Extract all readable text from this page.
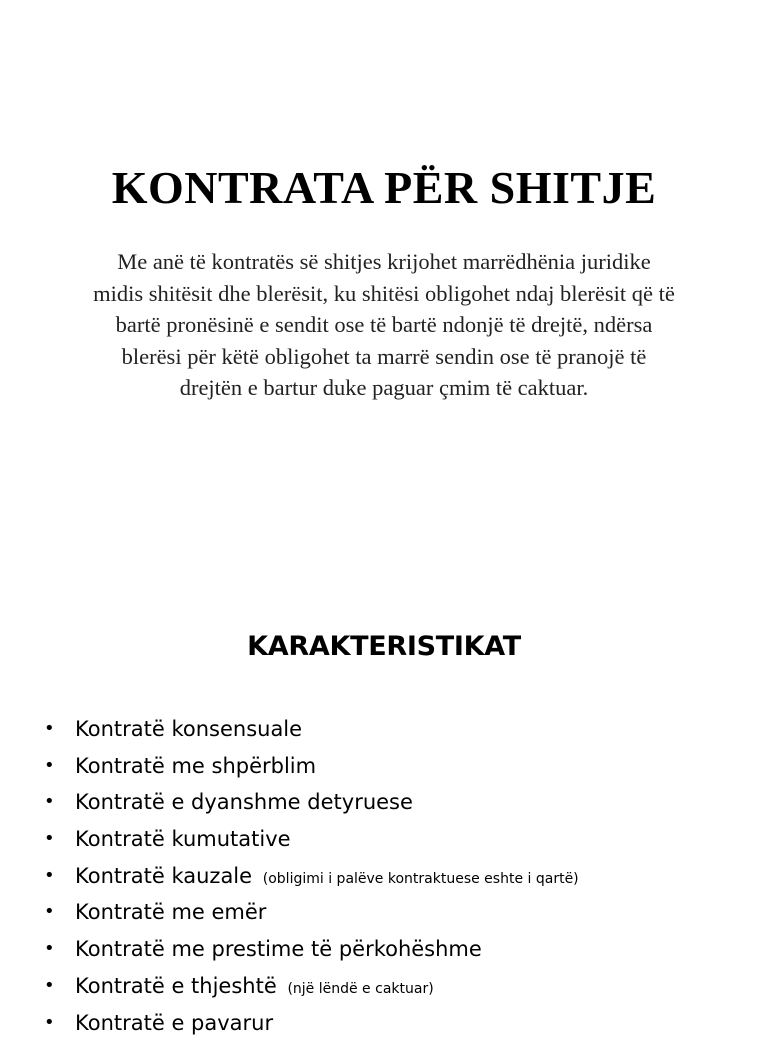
KONTRATA PËR SHITJE

Me anë të kontratës së shitjes krijohet marrëdhënia juridike
midis shitësit dhe blerësit, ku shitësi obligohet ndaj blerësit që të
bartë pronësinë e sendit ose të bartë ndonjë të drejtë, ndërsa
blerësi për këtë obligohet ta marrë sendin ose të pranojë të
drejtën e bartur duke paguar çmim të caktuar.

KARAKTERISTIKAT
• Kontratë konsensuale
• Kontratë me shpërblim
• Kontratë e dyanshme detyruese
• Kontratë kumutative
• Kontratë kauzale (obligimi i palëve kontraktuese eshte i qartë)
• Kontratë me emër
• Kontratë me prestime të përkohëshme
• Kontratë e thjeshtë (një lëndë e caktuar)
• Kontratë e pavarur
